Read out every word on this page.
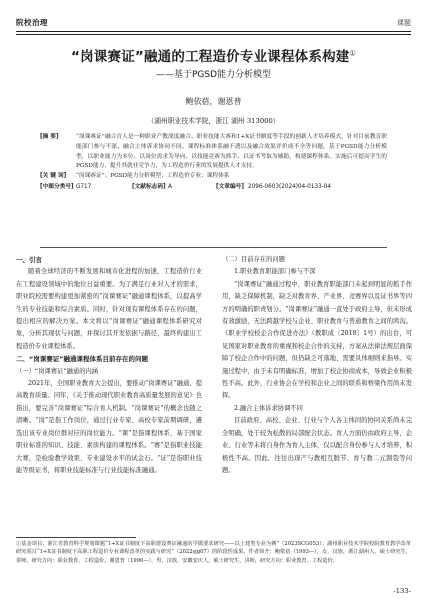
院校治理	课题
“岗课赛证”融通的工程造价专业课程体系构建①
——基于PGSD能力分析模型
鲍依蓓，谢恩普
（湖州职业技术学院，浙江 湖州 313000）
[摘 要]	“岗课赛证”融合育人是一种职业产教深度融合、职业技能大赛和1+X证书制度等手段的创新人才培养模式。针对目前教育职能部门参与不深、融合主体诉求协同不同、课程标准体系融不透以及融合效果评价成不全等问题，基于PGSD能力分析模型，以职业能力为本位、以岗位需求为导向、以技能竞赛为抓手、以证书考取为辅助，构建课程体系。实施后可提高学生的PGSD能力，提升其就业竞争力，为工程造价行业的发展提供人才支持。
[关 键 词]	“岗课赛证”；PGSD能力分析模型；工程造价专业；课程体系
[中图分类号] G717	[文献标志码] A	[文章编号] 2096-0603(2024)04-0133-04
一、引言
随着全球经济的不断发展和城市化进程的加速，工程造价行业在工程建设领域中的地位日益重要。为了满足行业对人才的需求，职业院校需要构建更加紧密的“岗课赛证”融通课程体系，以提高学生的专业技能和综合素质。同时，针对现有课程体系存在的问题，提出相应的解决方案。本文将以“岗课赛证”融通课程体系研究对象，分析其现状与问题，并探讨其开发依据与路径，最终构建出工程造价专业课程体系。
二、“岗课赛证”融通课程体系目前存在的问题
（一）“岗课赛证”融通的内涵
2021年，全国职业教育大会提出，要推动“岗课赛证”融通，提高教育质量。同年，《关于推动现代职业教育高质量发展的意见》也指出，要完善“岗课赛证”综合育人机制。“岗课赛证”的概念也随之清晰。“岗”是指工作岗位，通过行业专家、高校专家前期调研，遴选出该专业岗位群对应的岗位能力。“课”是指课程体系，基于国家职业标准的知识、技能、素质构建的课程体系。“赛”是指职业技能大赛，是检验教学效果、专业建设水平的试金石。“证”是指职业技能等级证书，将职业技能标准与行业技能标准融通。
（二）目前存在的问题
1.职业教育职能部门参与不深
“岗课赛证”融通过程中，职业教育职能部门未起到明显的抓手作用，缺乏保障机制，缺乏对教育界、产业界、竞赛界以及证书界等四方的明确的职责划分。“岗课赛证”融通一直处于政府主导，但未形成有效激励，无法跨越学校与企业、职业教育与普通教育之间的鸿沟。《职业学校校企合作促进办法》（教职成〔2018〕1号）的出台，可见国家对职业教育的重视和校企合作的支持，方案从法律法规层面保障了校企合作中的问题，但仍缺乏可落地、需要具体细则来指导。实施过程中，由于未有明确标准，增加了校企协商成本，导致企业积极性不高。此外，行业协会在学校和企业之间的联系和桥梁作用尚未发挥。
2.融合主体诉求协调不同
目前政府、高校、企业、行业与个人各主体间的协同关系尚未完全明确，处于较为松散的局部配合状态。育人方面仍由政府主导，企业、行业等未将自身作为育人主体，仅以配合身份参与人才培养，积极性不高。因此，往往出现产与教相互脱节、育与教二元割裂等问题。
①基金项目：浙江省教育科学规划课题“1+X证书制度下高职建设赛证融通的学做要求研究——以土建类专业为例”（2023SCG053）；湖州职业技术学院校院教育教学改革研究项目“1+X证书制度下高职工程造价专业课程改革的实践与研究”（2022sjg07）的阶段性成果。作者简介：鲍依蓓（1993—），女，汉族，浙江湖州人，硕士研究生，讲师，研究方向：职业教育、工程造价。谢恩普（1990—），男，汉族，安徽安庆人，硕士研究生，讲师，研究方向：职业教育、工程造价。
-133-
